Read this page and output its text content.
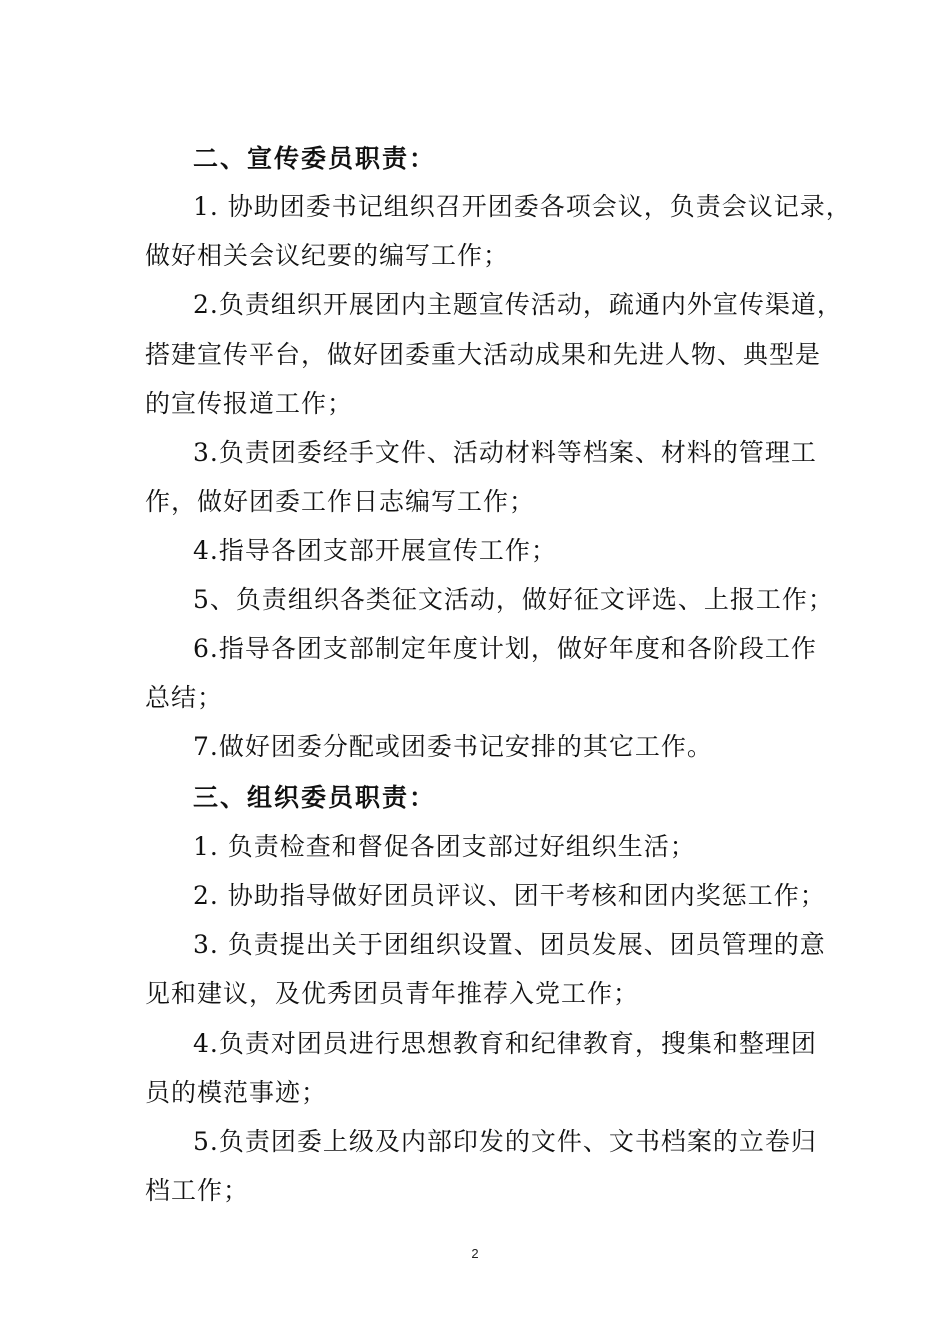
二、宣传委员职责：
1. 协助团委书记组织召开团委各项会议，负责会议记录，
做好相关会议纪要的编写工作；
2.负责组织开展团内主题宣传活动，疏通内外宣传渠道，
搭建宣传平台，做好团委重大活动成果和先进人物、典型是
的宣传报道工作；
3.负责团委经手文件、活动材料等档案、材料的管理工
作，做好团委工作日志编写工作；
4.指导各团支部开展宣传工作；
5、负责组织各类征文活动，做好征文评选、上报工作；
6.指导各团支部制定年度计划，做好年度和各阶段工作
总结；
7.做好团委分配或团委书记安排的其它工作。
三、组织委员职责：
1. 负责检查和督促各团支部过好组织生活；
2. 协助指导做好团员评议、团干考核和团内奖惩工作；
3. 负责提出关于团组织设置、团员发展、团员管理的意
见和建议，及优秀团员青年推荐入党工作；
4.负责对团员进行思想教育和纪律教育，搜集和整理团
员的模范事迹；
5.负责团委上级及内部印发的文件、文书档案的立卷归
档工作；
2
